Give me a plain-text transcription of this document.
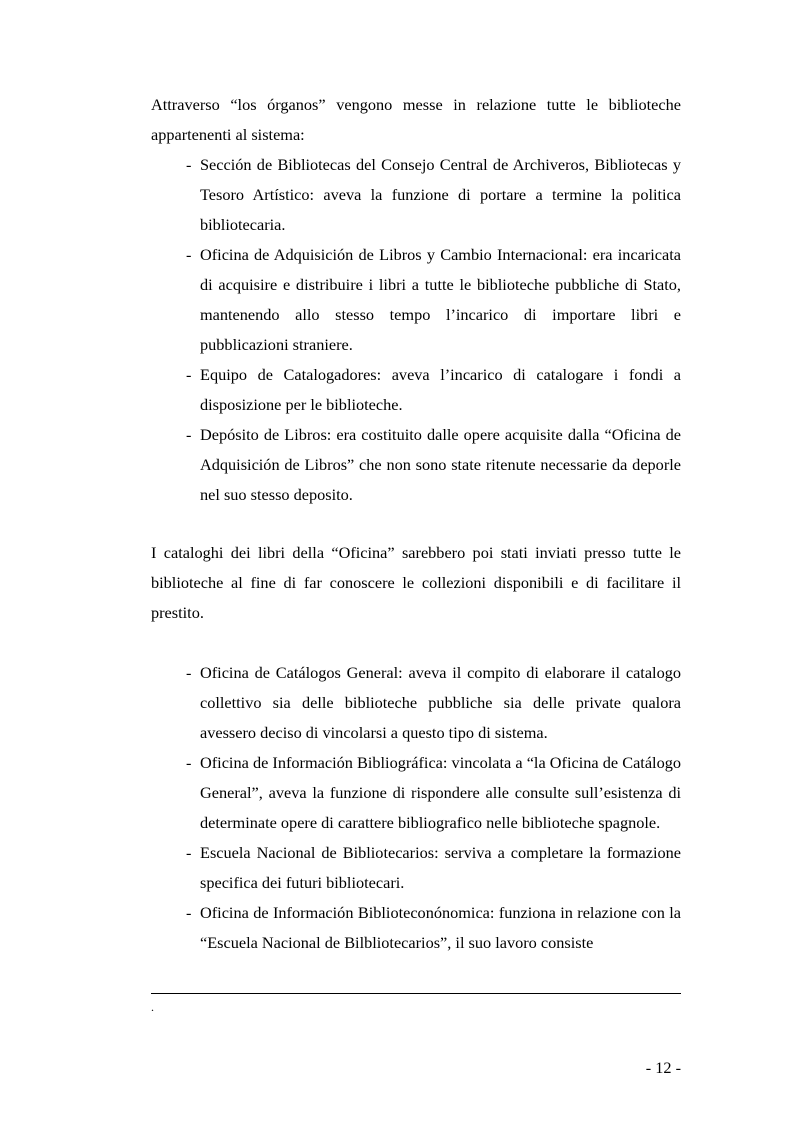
Attraverso “los órganos” vengono messe in relazione tutte le biblioteche appartenenti al sistema:

- Sección de Bibliotecas del Consejo Central de Archiveros, Bibliotecas y Tesoro Artístico: aveva la funzione di portare a termine la politica bibliotecaria.
- Oficina de Adquisición de Libros y Cambio Internacional: era incaricata di acquisire e distribuire i libri a tutte le biblioteche pubbliche di Stato, mantenendo allo stesso tempo l’incarico di importare libri e pubblicazioni straniere.
- Equipo de Catalogadores: aveva l’incarico di catalogare i fondi a disposizione per le biblioteche.
- Depósito de Libros: era costituito dalle opere acquisite dalla “Oficina de Adquisición de Libros” che non sono state ritenute necessarie da deporle nel suo stesso deposito.

I cataloghi dei libri della “Oficina” sarebbero poi stati inviati presso tutte le biblioteche al fine di far conoscere le collezioni disponibili e di facilitare il prestito.

- Oficina de Catálogos General: aveva il compito di elaborare il catalogo collettivo sia delle biblioteche pubbliche sia delle private qualora avessero deciso di vincolarsi a questo tipo di sistema.
- Oficina de Información Bibliográfica: vincolata a “la Oficina de Catálogo General”, aveva la funzione di rispondere alle consulte sull’esistenza di determinate opere di carattere bibliografico nelle biblioteche spagnole.
- Escuela Nacional de Bibliotecarios: serviva a completare la formazione specifica dei futuri bibliotecari.
- Oficina de Información Biblioteconónomica: funziona in relazione con la “Escuela Nacional de Bilbliotecarios”, il suo lavoro consiste
.
- 12 -
